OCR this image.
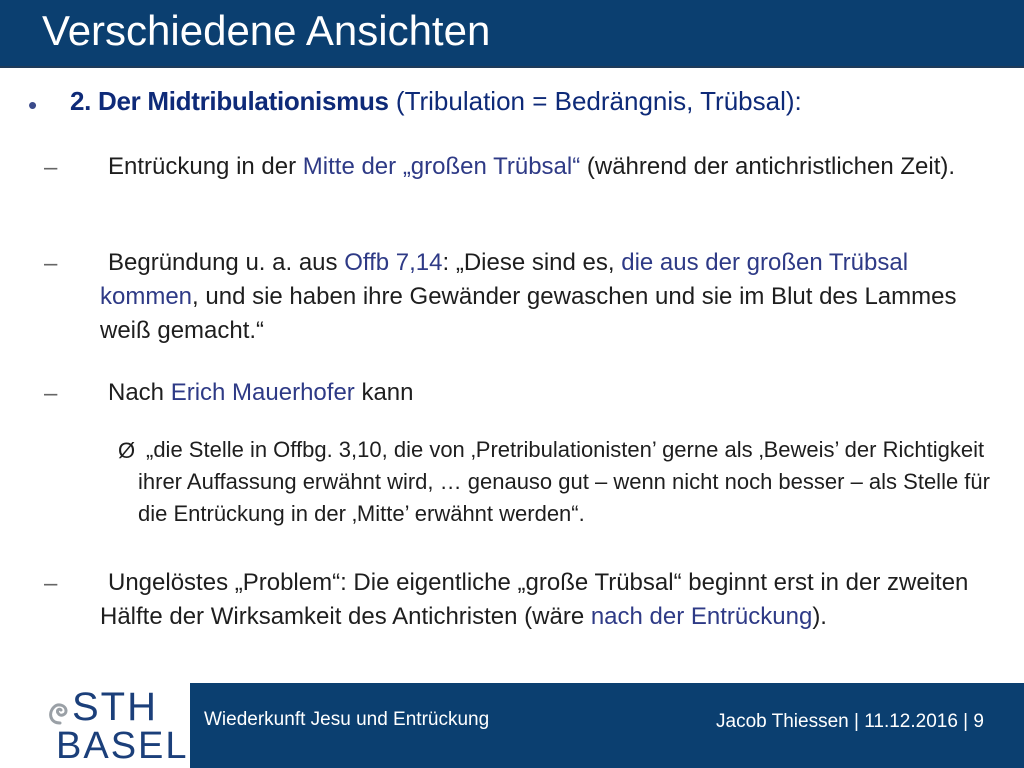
Verschiedene Ansichten
• 2. Der Midtribulationismus (Tribulation = Bedrängnis, Trübsal):
–	Entrückung in der Mitte der „großen Trübsal“ (während der antichristlichen Zeit).
–	Begründung u. a. aus Offb 7,14: „Diese sind es, die aus der großen Trübsal kommen, und sie haben ihre Gewänder gewaschen und sie im Blut des Lammes weiß gemacht.“
–	Nach Erich Mauerhofer kann
Ø „die Stelle in Offbg. 3,10, die von ‚Pretribulationisten’ gerne als ‚Beweis’ der Richtigkeit ihrer Auffassung erwähnt wird, … genauso gut – wenn nicht noch besser – als Stelle für die Entrückung in der ‚Mitte’ erwähnt werden“.
–	Ungelöstes „Problem“: Die eigentliche „große Trübsal“ beginnt erst in der zweiten Hälfte der Wirksamkeit des Antichristen (wäre nach der Entrückung).
STH
BASEL
Wiederkunft Jesu und Entrückung	Jacob Thiessen | 11.12.2016 | 9
